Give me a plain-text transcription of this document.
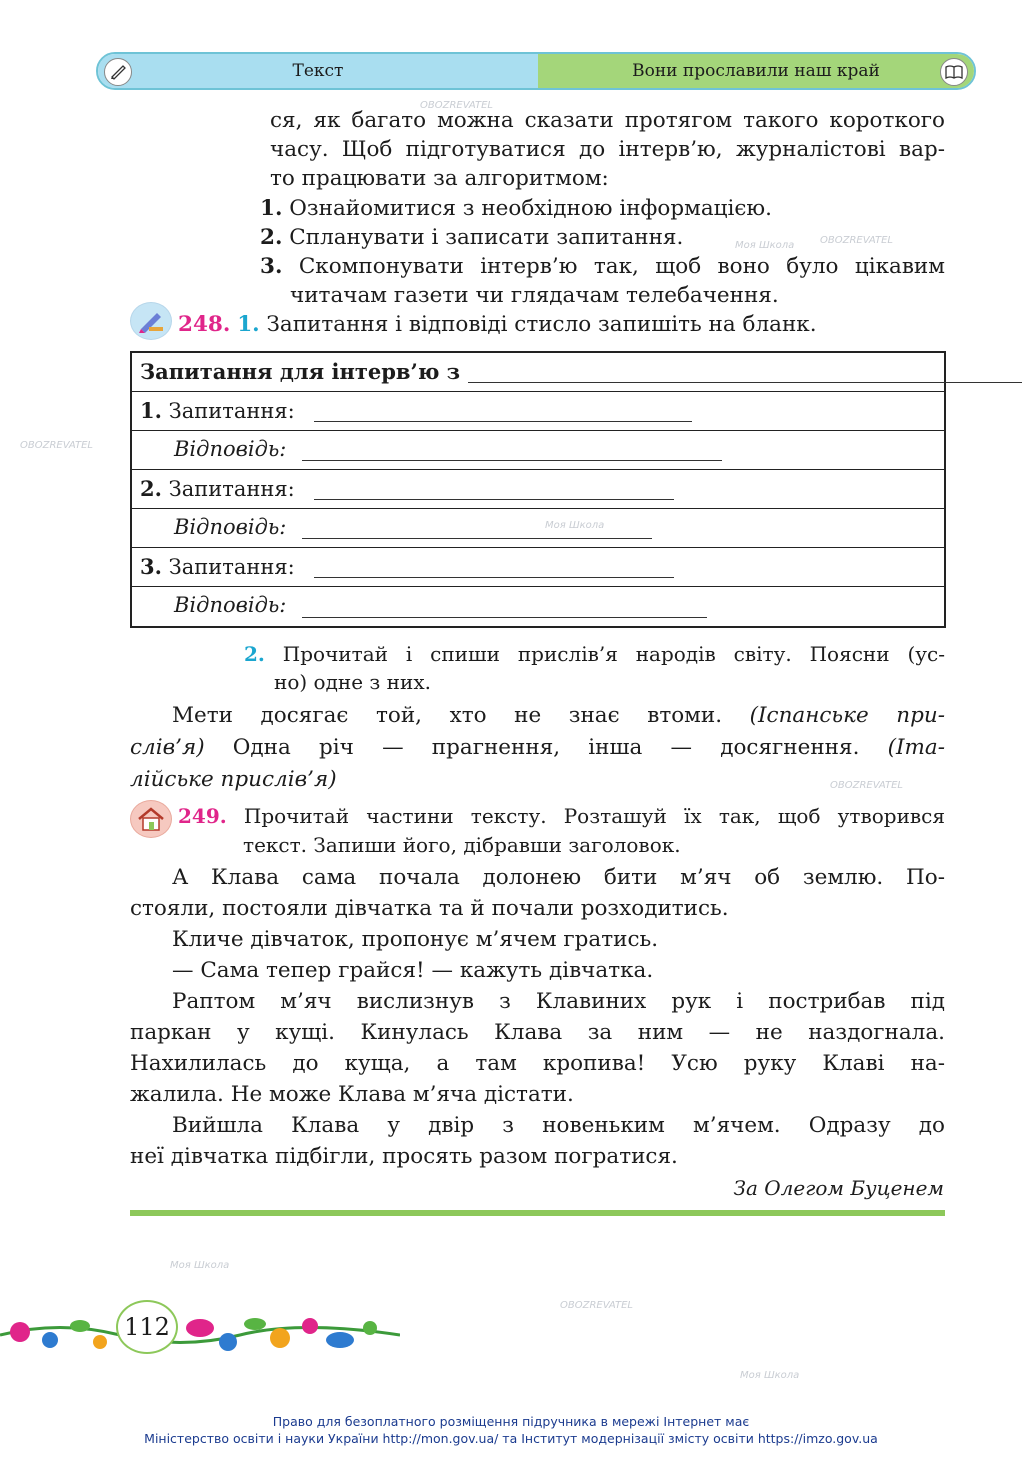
OBOZREVATEL
Моя Школа	OBOZREVATEL
OBOZREVATEL
Моя Школа
OBOZREVATEL
Моя Школа
OBOZREVATEL
Моя Школа
Текст	Вони прославили наш край
ся, як багато можна сказати протягом такого короткого
часу. Щоб підготуватися до інтерв’ю, журналістові вар-
то працювати за алгоритмом:
1. Ознайомитися з необхідною інформацією.
2. Спланувати і записати запитання.
3. Скомпонувати інтерв’ю так, щоб воно було цікавим
читачам газети чи глядачам телебачення.
248. 1. Запитання і відповіді стисло запишіть на бланк.
Запитання для інтерв’ю з
1. Запитання:
Відповідь:
2. Запитання:
Відповідь:
3. Запитання:
Відповідь:
2. Прочитай і спиши прислів’я народів світу. Поясни (ус-
но) одне з них.
Мети досягає той, хто не знає втоми. (Іспанське при-
слів’я) Одна річ — прагнення, інша — досягнення. (Іта-
лійське прислів’я)
249. Прочитай частини тексту. Розташуй їх так, щоб утворився
текст. Запиши його, дібравши заголовок.
А Клава сама почала долонею бити м’яч об землю. По-
стояли, постояли дівчатка та й почали розходитись.
Кличе дівчаток, пропонує м’ячем гратись.
— Сама тепер грайся! — кажуть дівчатка.
Раптом м’яч вислизнув з Клавиних рук і пострибав під
паркан у кущі. Кинулась Клава за ним — не наздогнала.
Нахилилась до куща, а там кропива! Усю руку Клаві на-
жалила. Не може Клава м’яча дістати.
Вийшла Клава у двір з новеньким м’ячем. Одразу до
неї дівчатка підбігли, просять разом погратися.
За Олегом Буценем
112
Право для безоплатного розміщення підручника в мережі Інтернет має
Міністерство освіти і науки України http://mon.gov.ua/ та Інститут модернізації змісту освіти https://imzo.gov.ua
